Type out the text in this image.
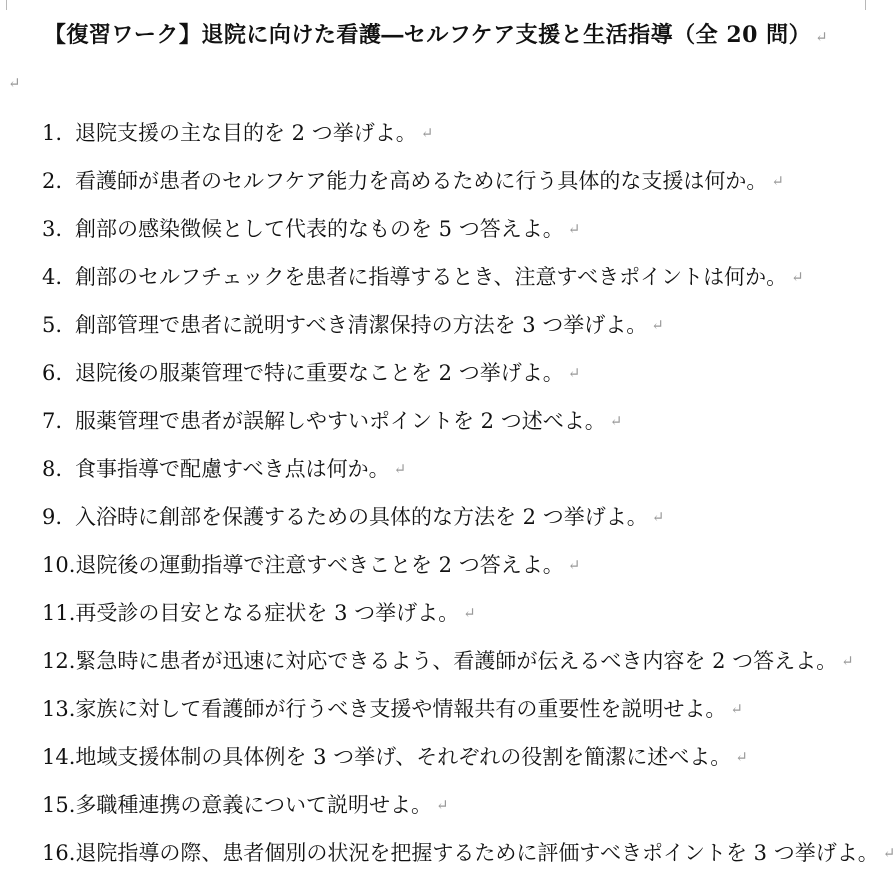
【復習ワーク】退院に向けた看護―セルフケア支援と生活指導（全 20 問） ↵
↵
1. 退院支援の主な目的を 2 つ挙げよ。 ↵
2. 看護師が患者のセルフケア能力を高めるために行う具体的な支援は何か。 ↵
3. 創部の感染徴候として代表的なものを 5 つ答えよ。 ↵
4. 創部のセルフチェックを患者に指導するとき、注意すべきポイントは何か。 ↵
5. 創部管理で患者に説明すべき清潔保持の方法を 3 つ挙げよ。 ↵
6. 退院後の服薬管理で特に重要なことを 2 つ挙げよ。 ↵
7. 服薬管理で患者が誤解しやすいポイントを 2 つ述べよ。 ↵
8. 食事指導で配慮すべき点は何か。 ↵
9. 入浴時に創部を保護するための具体的な方法を 2 つ挙げよ。 ↵
10. 退院後の運動指導で注意すべきことを 2 つ答えよ。 ↵
11. 再受診の目安となる症状を 3 つ挙げよ。 ↵
12. 緊急時に患者が迅速に対応できるよう、看護師が伝えるべき内容を 2 つ答えよ。 ↵
13. 家族に対して看護師が行うべき支援や情報共有の重要性を説明せよ。 ↵
14. 地域支援体制の具体例を 3 つ挙げ、それぞれの役割を簡潔に述べよ。 ↵
15. 多職種連携の意義について説明せよ。 ↵
16. 退院指導の際、患者個別の状況を把握するために評価すべきポイントを 3 つ挙げよ。 ↵
